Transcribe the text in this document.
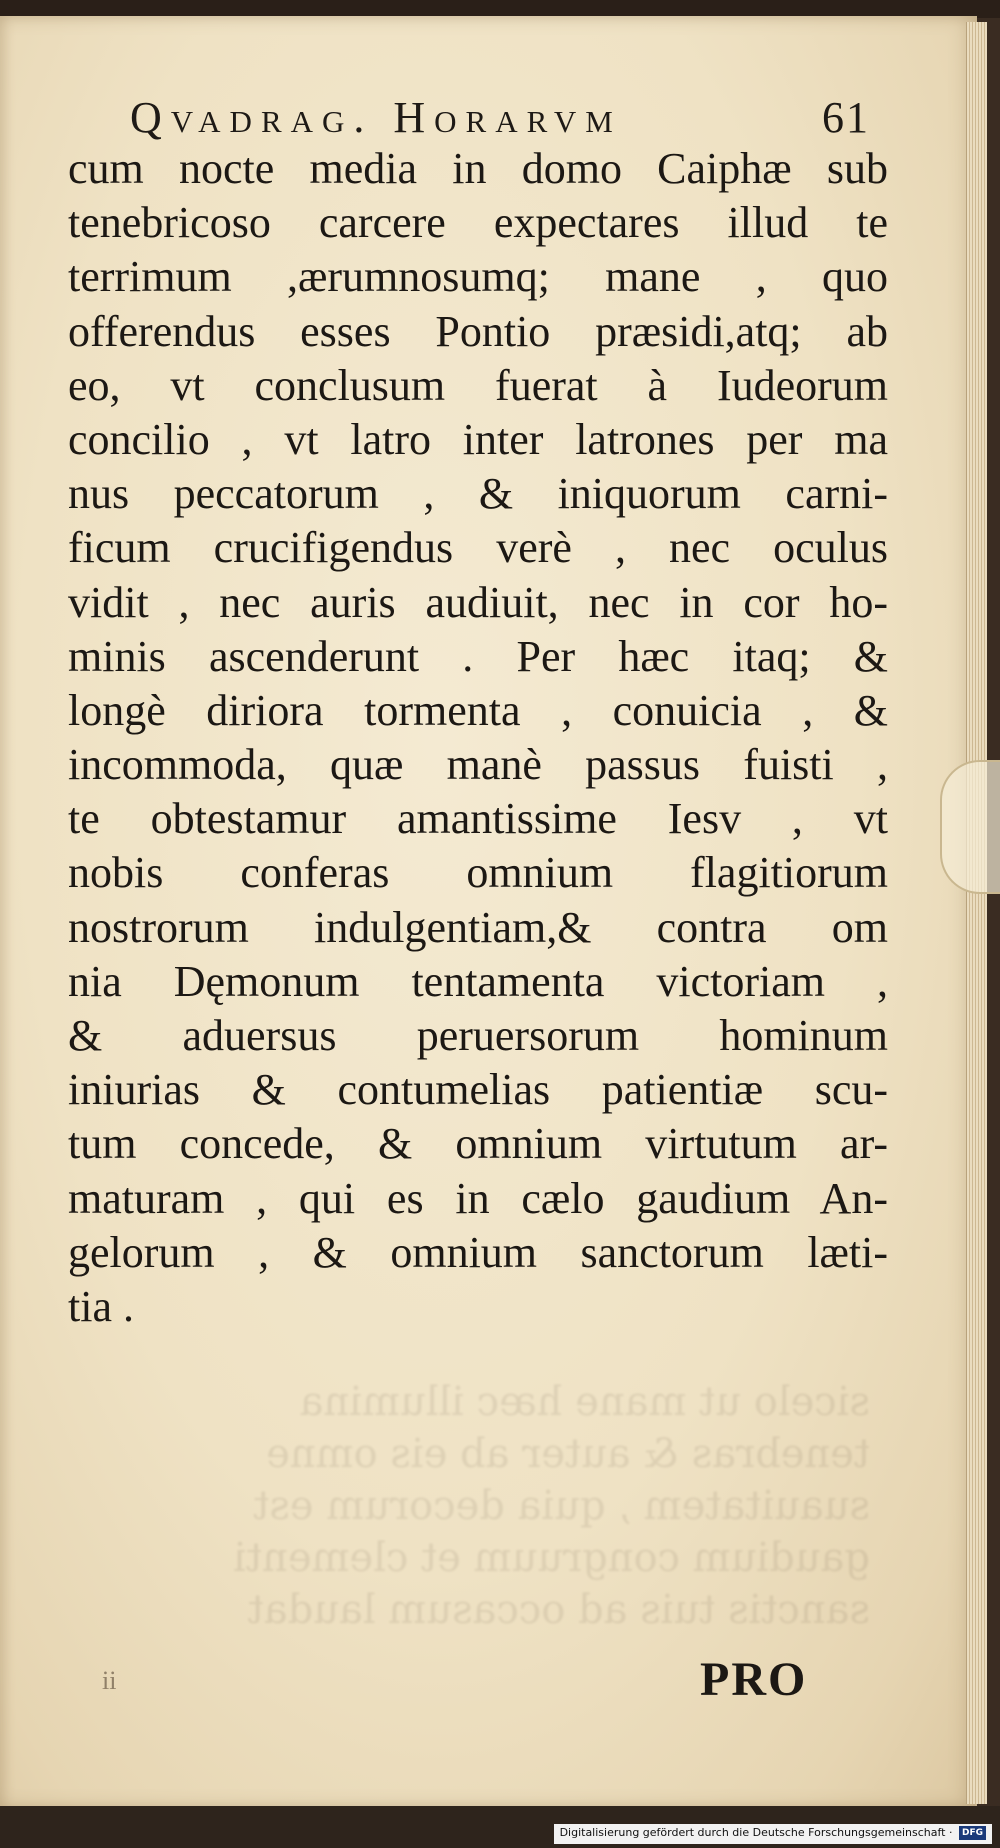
sicelo ut mane hæc illumina
tenebras & auter ab eis omne
suauitatem , quia decorum est
gaudium congruum et clementi
sanctis tuis ad occasum laudat
Qvadrag. Horarvm	61
cum nocte media in domo Caiphæ sub
tenebricoso carcere expectares illud te
terrimum ,ærumnosumq; mane , quo
offerendus esses Pontio præsidi,atq; ab
eo, vt conclusum fuerat à Iudeorum
concilio , vt latro inter latrones per ma
nus peccatorum , & iniquorum carni-
ficum crucifigendus verè , nec oculus
vidit , nec auris audiuit, nec in cor ho-
minis ascenderunt . Per hæc itaq; &
longè diriora tormenta , conuicia , &
incommoda, quæ manè passus fuisti ,
te obtestamur amantissime Iesv , vt
nobis conferas omnium flagitiorum
nostrorum indulgentiam,& contra om
nia Dęmonum tentamenta victoriam ,
& aduersus peruersorum hominum
iniurias & contumelias patientiæ scu-
tum concede, & omnium virtutum ar-
maturam , qui es in cælo gaudium An-
gelorum , & omnium sanctorum læti-
tia .
ii	PRO
Digitalisierung gefördert durch die Deutsche Forschungsgemeinschaft · DFG
